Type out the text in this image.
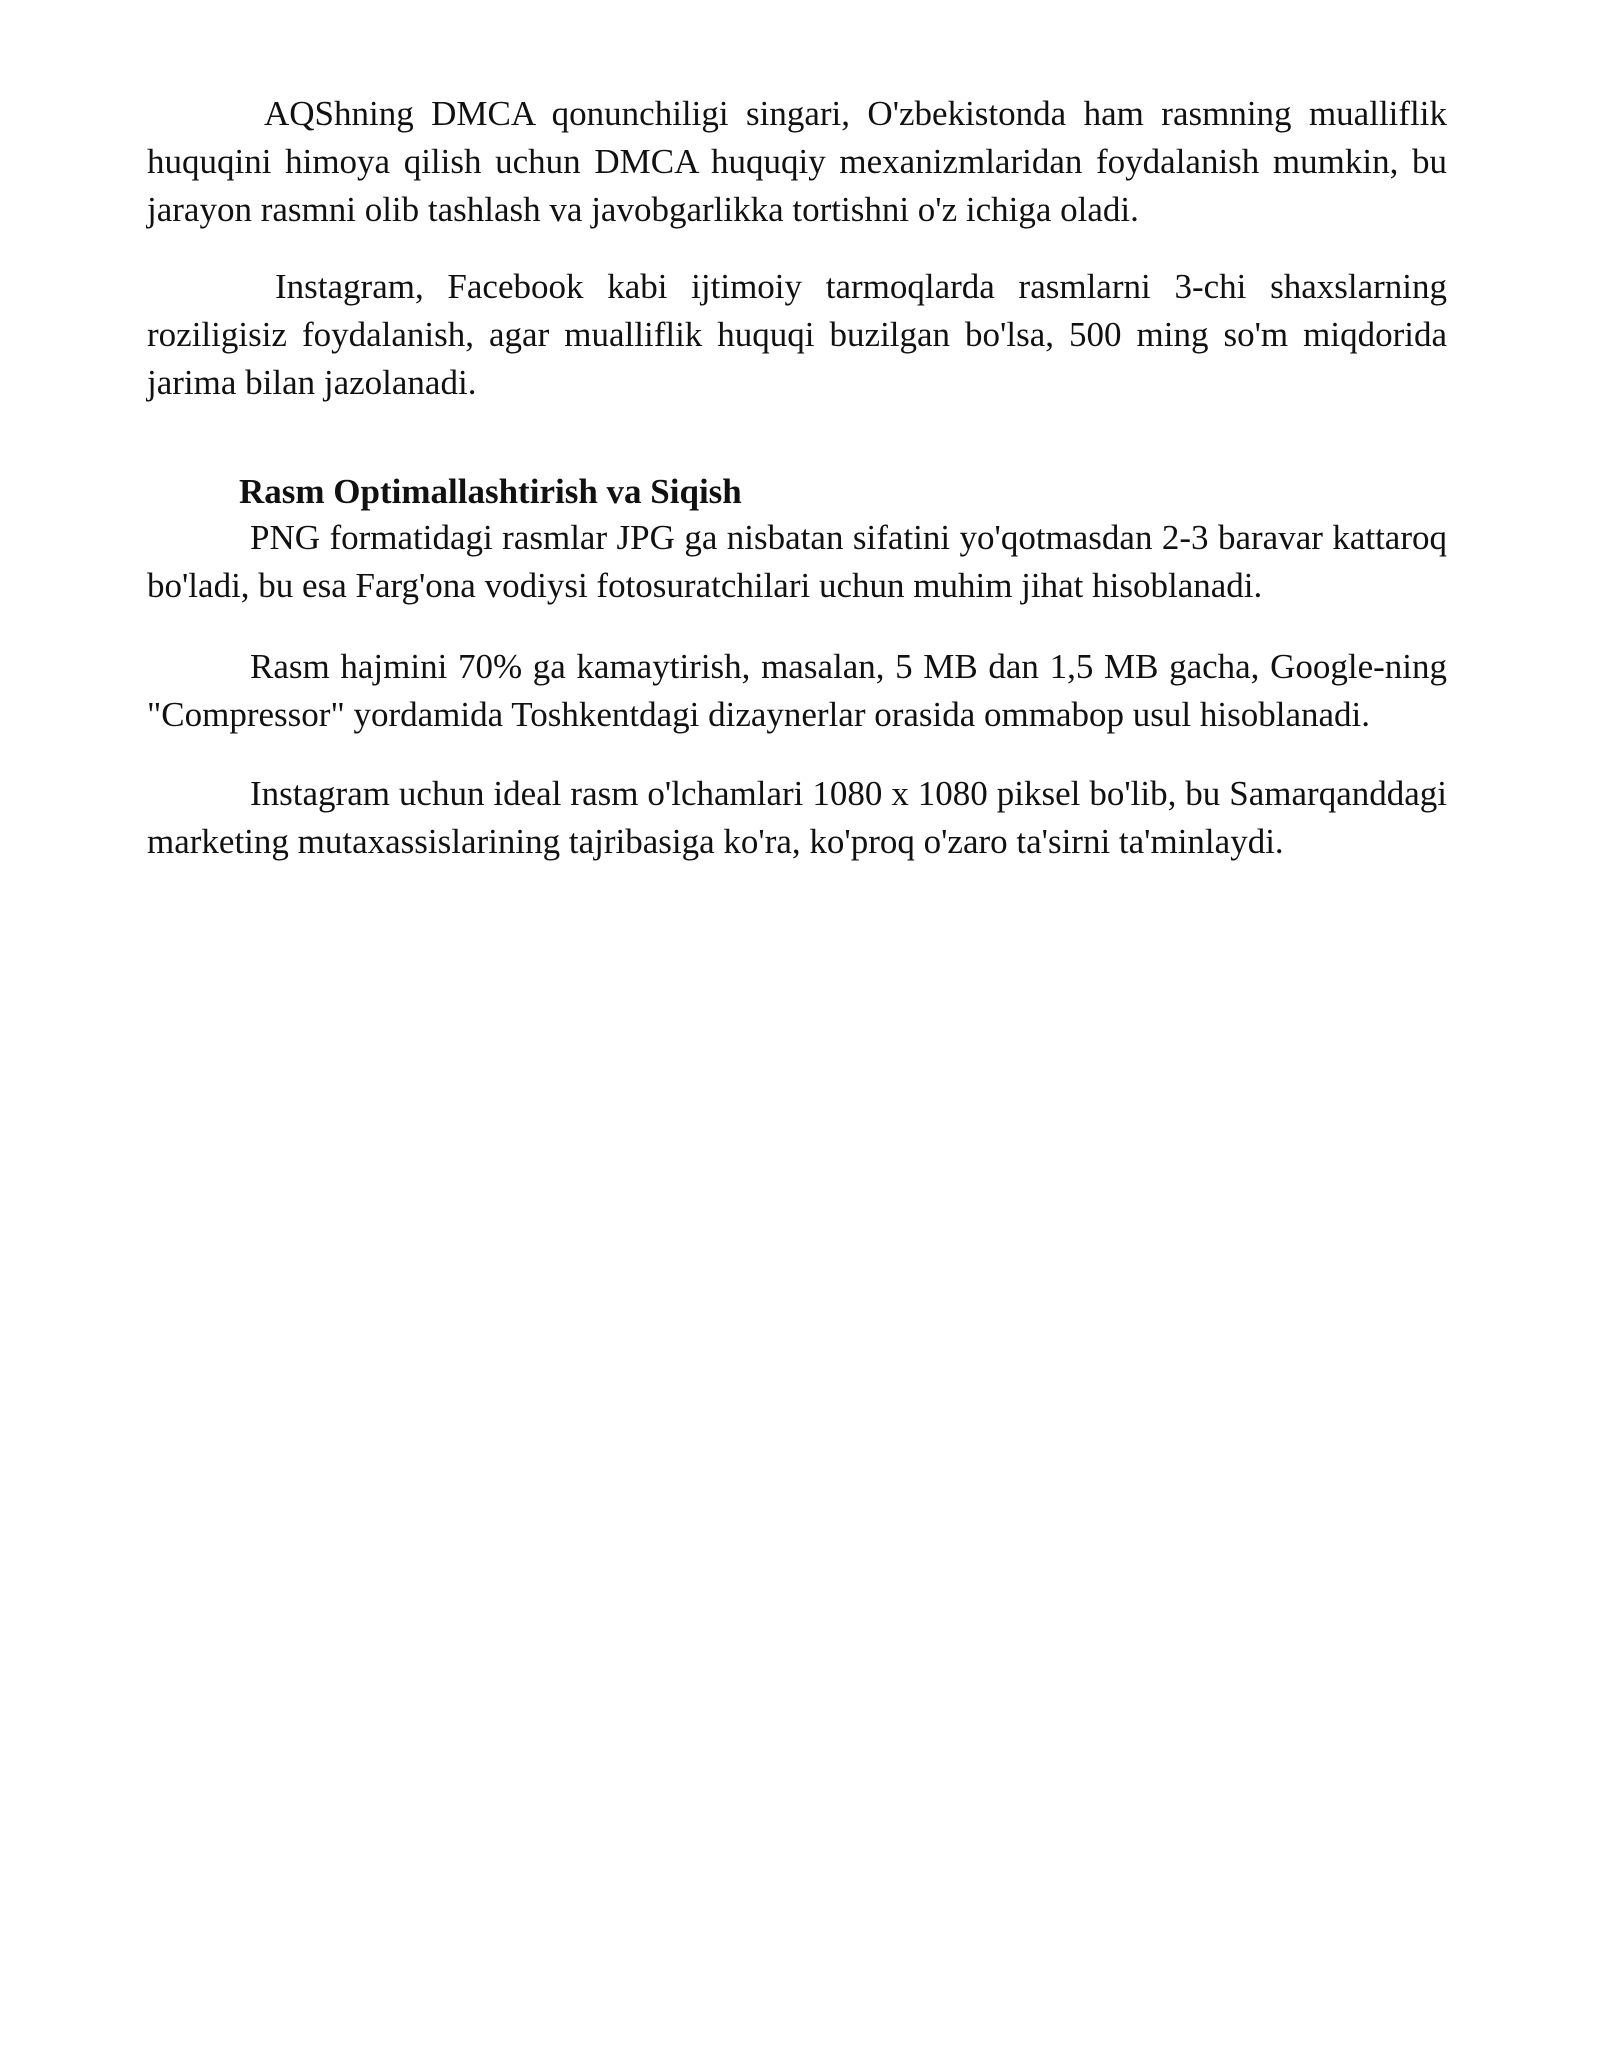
AQShning DMCA qonunchiligi singari, O'zbekistonda ham rasmning mualliflik huquqini himoya qilish uchun DMCA huquqiy mexanizmlaridan foydalanish mumkin, bu jarayon rasmni olib tashlash va javobgarlikka tortishni o'z ichiga oladi.

Instagram, Facebook kabi ijtimoiy tarmoqlarda rasmlarni 3-chi shaxslarning roziligisiz foydalanish, agar mualliflik huquqi buzilgan bo'lsa, 500 ming so'm miqdorida jarima bilan jazolanadi.

Rasm Optimallashtirish va Siqish

PNG formatidagi rasmlar JPG ga nisbatan sifatini yo'qotmasdan 2-3 baravar kattaroq bo'ladi, bu esa Farg'ona vodiysi fotosuratchilari uchun muhim jihat hisoblanadi.

Rasm hajmini 70% ga kamaytirish, masalan, 5 MB dan 1,5 MB gacha, Google-ning "Compressor" yordamida Toshkentdagi dizaynerlar orasida ommabop usul hisoblanadi.

Instagram uchun ideal rasm o'lchamlari 1080 x 1080 piksel bo'lib, bu Samarqanddagi marketing mutaxassislarining tajribasiga ko'ra, ko'proq o'zaro ta'sirni ta'minlaydi.
